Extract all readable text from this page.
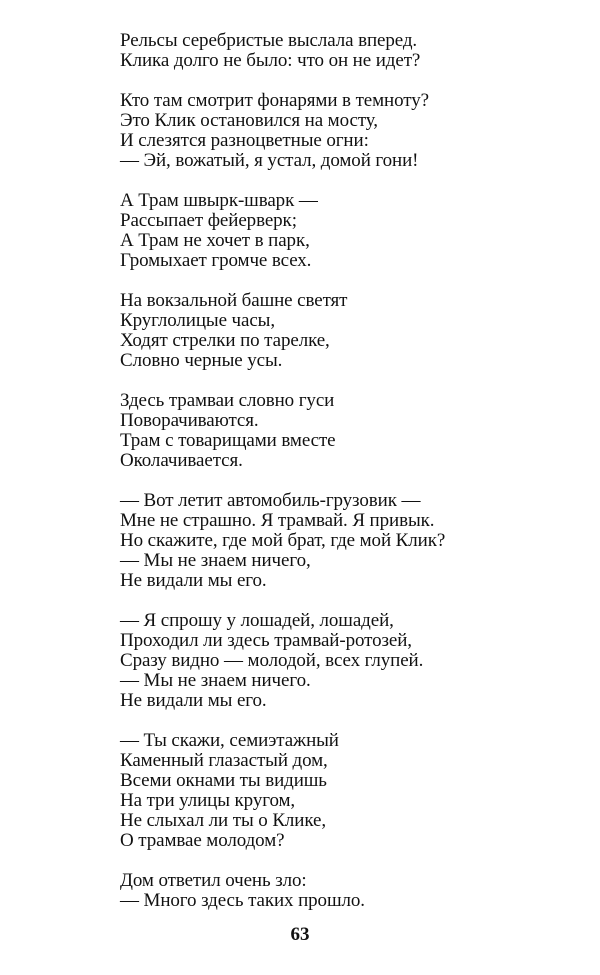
Рельсы серебристые выслала вперед.
Клика долго не было: что он не идет?
Кто там смотрит фонарями в темноту?
Это Клик остановился на мосту,
И слезятся разноцветные огни:
— Эй, вожатый, я устал, домой гони!
А Трам швырк-шварк —
Рассыпает фейерверк;
А Трам не хочет в парк,
Громыхает громче всех.
На вокзальной башне светят
Круглолицые часы,
Ходят стрелки по тарелке,
Словно черные усы.
Здесь трамваи словно гуси
Поворачиваются.
Трам с товарищами вместе
Околачивается.
— Вот летит автомобиль-грузовик —
Мне не страшно. Я трамвай. Я привык.
Но скажите, где мой брат, где мой Клик?
— Мы не знаем ничего,
Не видали мы его.
— Я спрошу у лошадей, лошадей,
Проходил ли здесь трамвай-ротозей,
Сразу видно — молодой, всех глупей.
— Мы не знаем ничего.
Не видали мы его.
— Ты скажи, семиэтажный
Каменный глазастый дом,
Всеми окнами ты видишь
На три улицы кругом,
Не слыхал ли ты о Клике,
О трамвае молодом?
Дом ответил очень зло:
— Много здесь таких прошло.
63
